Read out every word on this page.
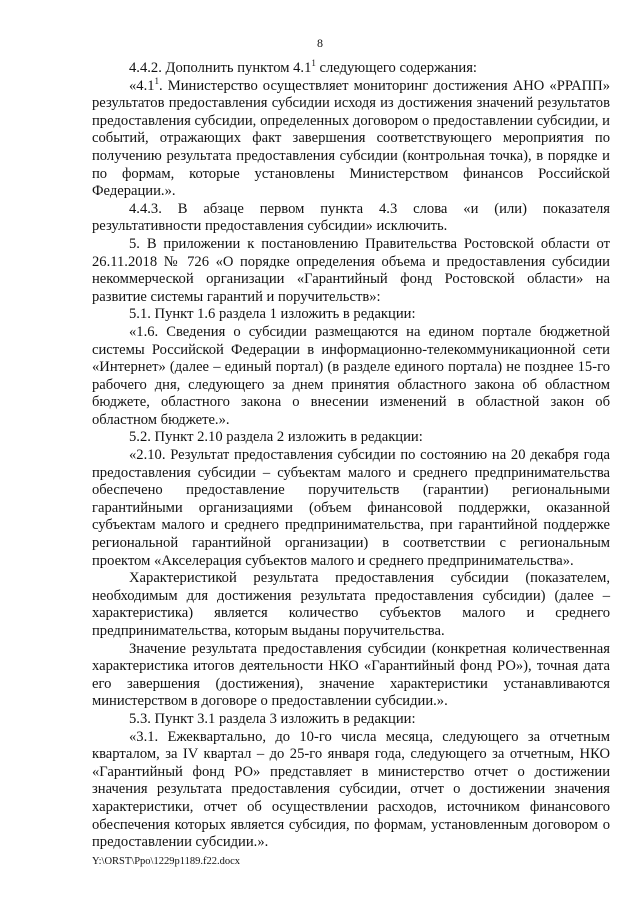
8

4.4.2. Дополнить пунктом $4.1^1$ следующего содержания:

«$4.1^1$. Министерство осуществляет мониторинг достижения АНО «РРАПП» результатов предоставления субсидии исходя из достижения значений результатов предоставления субсидии, определенных договором о предоставлении субсидии, и событий, отражающих факт завершения соответствующего мероприятия по получению результата предоставления субсидии (контрольная точка), в порядке и по формам, которые установлены Министерством финансов Российской Федерации.».

4.4.3. В абзаце первом пункта 4.3 слова «и (или) показателя результативности предоставления субсидии» исключить.

5. В приложении к постановлению Правительства Ростовской области от 26.11.2018 № 726 «О порядке определения объема и предоставления субсидии некоммерческой организации «Гарантийный фонд Ростовской области» на развитие системы гарантий и поручительств»:

5.1. Пункт 1.6 раздела 1 изложить в редакции:

«1.6. Сведения о субсидии размещаются на едином портале бюджетной системы Российской Федерации в информационно-телекоммуникационной сети «Интернет» (далее – единый портал) (в разделе единого портала) не позднее 15-го рабочего дня, следующего за днем принятия областного закона об областном бюджете, областного закона о внесении изменений в областной закон об областном бюджете.».

5.2. Пункт 2.10 раздела 2 изложить в редакции:

«2.10. Результат предоставления субсидии по состоянию на 20 декабря года предоставления субсидии – субъектам малого и среднего предпринимательства обеспечено предоставление поручительств (гарантии) региональными гарантийными организациями (объем финансовой поддержки, оказанной субъектам малого и среднего предпринимательства, при гарантийной поддержке региональной гарантийной организации) в соответствии с региональным проектом «Акселерация субъектов малого и среднего предпринимательства».

Характеристикой результата предоставления субсидии (показателем, необходимым для достижения результата предоставления субсидии) (далее – характеристика) является количество субъектов малого и среднего предпринимательства, которым выданы поручительства.

Значение результата предоставления субсидии (конкретная количественная характеристика итогов деятельности НКО «Гарантийный фонд РО»), точная дата его завершения (достижения), значение характеристики устанавливаются министерством в договоре о предоставлении субсидии.».

5.3. Пункт 3.1 раздела 3 изложить в редакции:

«3.1. Ежеквартально, до 10-го числа месяца, следующего за отчетным кварталом, за IV квартал – до 25-го января года, следующего за отчетным, НКО «Гарантийный фонд РО» представляет в министерство отчет о достижении значения результата предоставления субсидии, отчет о достижении значения характеристики, отчет об осуществлении расходов, источником финансового обеспечения которых является субсидия, по формам, установленным договором о предоставлении субсидии.».

Y:\ORST\Ppo\1229p1189.f22.docx
